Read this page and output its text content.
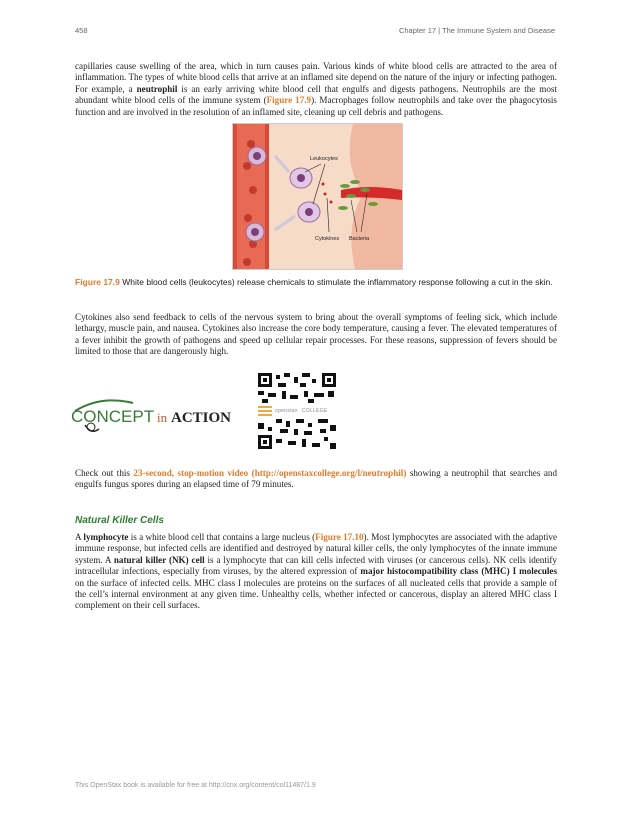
458	Chapter 17 | The Immune System and Disease

capillaries cause swelling of the area, which in turn causes pain. Various kinds of white blood cells are attracted to the area of inflammation. The types of white blood cells that arrive at an inflamed site depend on the nature of the injury or infecting pathogen. For example, a neutrophil is an early arriving white blood cell that engulfs and digests pathogens. Neutrophils are the most abundant white blood cells of the immune system (Figure 17.9). Macrophages follow neutrophils and take over the phagocytosis function and are involved in the resolution of an inflamed site, cleaning up cell debris and pathogens.

Leukocytes
Cytokines Bacteria

Figure 17.9 White blood cells (leukocytes) release chemicals to stimulate the inflammatory response following a cut in the skin.

Cytokines also send feedback to cells of the nervous system to bring about the overall symptoms of feeling sick, which include lethargy, muscle pain, and nausea. Cytokines also increase the core body temperature, causing a fever. The elevated temperatures of a fever inhibit the growth of pathogens and speed up cellular repair processes. For these reasons, suppression of fevers should be limited to those that are dangerously high.

CONCEPT in ACTION	openstax
COLLEGE

Check out this 23-second, stop-motion video (http://openstaxcollege.org/l/neutrophil) showing a neutrophil that searches and engulfs fungus spores during an elapsed time of 79 minutes.

Natural Killer Cells

A lymphocyte is a white blood cell that contains a large nucleus (Figure 17.10). Most lymphocytes are associated with the adaptive immune response, but infected cells are identified and destroyed by natural killer cells, the only lymphocytes of the innate immune system. A natural killer (NK) cell is a lymphocyte that can kill cells infected with viruses (or cancerous cells). NK cells identify intracellular infections, especially from viruses, by the altered expression of major histocompatibility class (MHC) I molecules on the surface of infected cells. MHC class I molecules are proteins on the surfaces of all nucleated cells that provide a sample of the cell’s internal environment at any given time. Unhealthy cells, whether infected or cancerous, display an altered MHC class I complement on their cell surfaces.

This OpenStax book is available for free at http://cnx.org/content/col11487/1.9
